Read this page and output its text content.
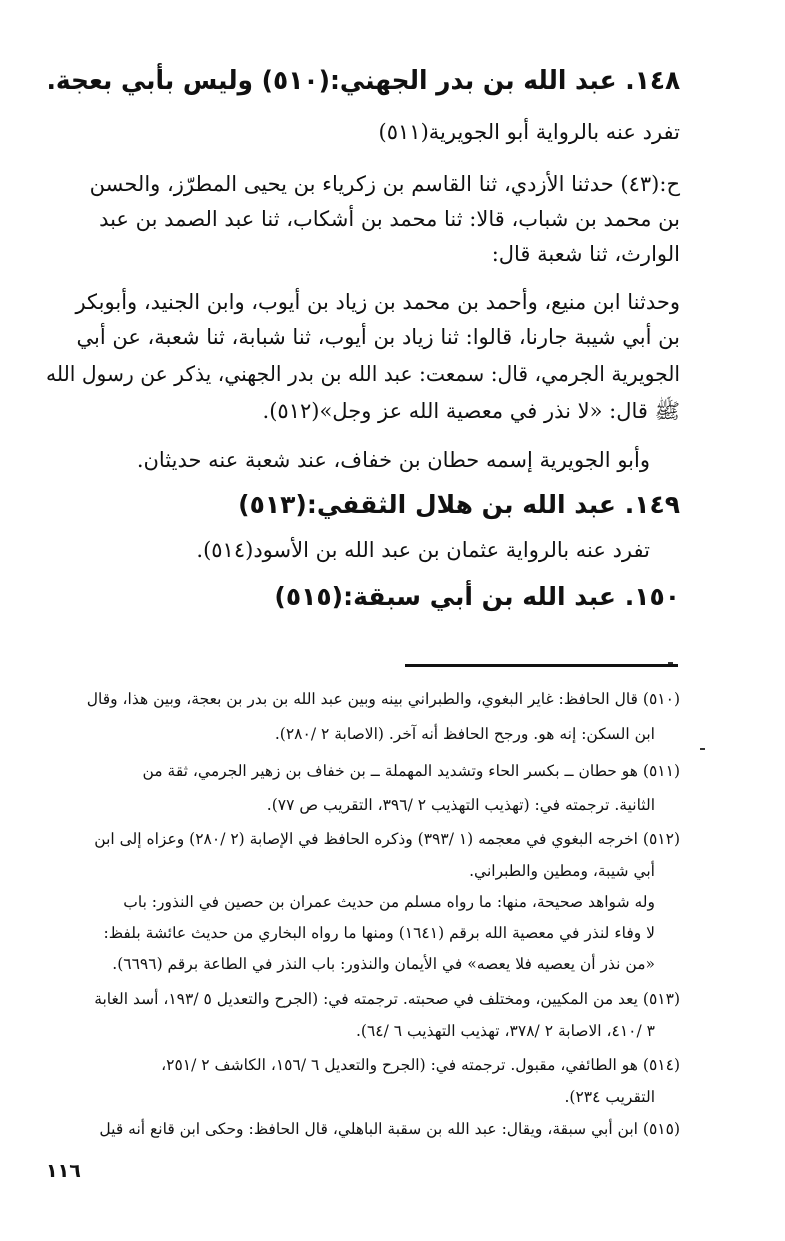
١٤٨. عبد الله بن بدر الجهني:(٥١٠) وليس بأبي بعجة.
تفرد عنه بالرواية أبو الجويرية(٥١١)
ح:(٤٣) حدثنا الأزدي، ثنا القاسم بن زكرياء بن يحيى المطرّز، والحسن
بن محمد بن شباب، قالا: ثنا محمد بن أشكاب، ثنا عبد الصمد بن عبد
الوارث، ثنا شعبة قال:
وحدثنا ابن منيع، وأحمد بن محمد بن زياد بن أيوب، وابن الجنيد، وأبوبكر
بن أبي شيبة جارنا، قالوا: ثنا زياد بن أيوب، ثنا شبابة، ثنا شعبة، عن أبي
الجويرية الجرمي، قال: سمعت: عبد الله بن بدر الجهني، يذكر عن رسول الله
ﷺ قال: «لا نذر في معصية الله عز وجل»(٥١٢).
وأبو الجويرية إسمه حطان بن خفاف، عند شعبة عنه حديثان.
١٤٩. عبد الله بن هلال الثقفي:(٥١٣)
تفرد عنه بالرواية عثمان بن عبد الله بن الأسود(٥١٤).
١٥٠. عبد الله بن أبي سبقة:(٥١٥)
(٥١٠) قال الحافظ: غاير البغوي، والطبراني بينه وبين عبد الله بن بدر بن بعجة، وبين هذا، وقال
ابن السكن: إنه هو. ورجح الحافظ أنه آخر. (الاصابة ٢ /٢٨٠).
(٥١١) هو حطان ــ بكسر الحاء وتشديد المهملة ــ بن خفاف بن زهير الجرمي، ثقة من
الثانية. ترجمته في: (تهذيب التهذيب ٢ /٣٩٦، التقريب ص ٧٧).
(٥١٢) اخرجه البغوي في معجمه (١ /٣٩٣) وذكره الحافظ في الإصابة (٢ /٢٨٠) وعزاه إلى ابن
أبي شيبة، ومطين والطبراني.
وله شواهد صحيحة، منها: ما رواه مسلم من حديث عمران بن حصين في النذور: باب
لا وفاء لنذر في معصية الله برقم (١٦٤١) ومنها ما رواه البخاري من حديث عائشة بلفظ:
«من نذر أن يعصيه فلا يعصه» في الأيمان والنذور: باب النذر في الطاعة برقم (٦٦٩٦).
(٥١٣) يعد من المكيين، ومختلف في صحبته. ترجمته في: (الجرح والتعديل ٥ /١٩٣، أسد الغابة
٣ /٤١٠، الاصابة ٢ /٣٧٨، تهذيب التهذيب ٦ /٦٤).
(٥١٤) هو الطائفي، مقبول. ترجمته في: (الجرح والتعديل ٦ /١٥٦، الكاشف ٢ /٢٥١،
التقريب ٢٣٤).
(٥١٥) ابن أبي سبقة، ويقال: عبد الله بن سقبة الباهلي، قال الحافظ: وحكى ابن قانع أنه قيل
١١٦
